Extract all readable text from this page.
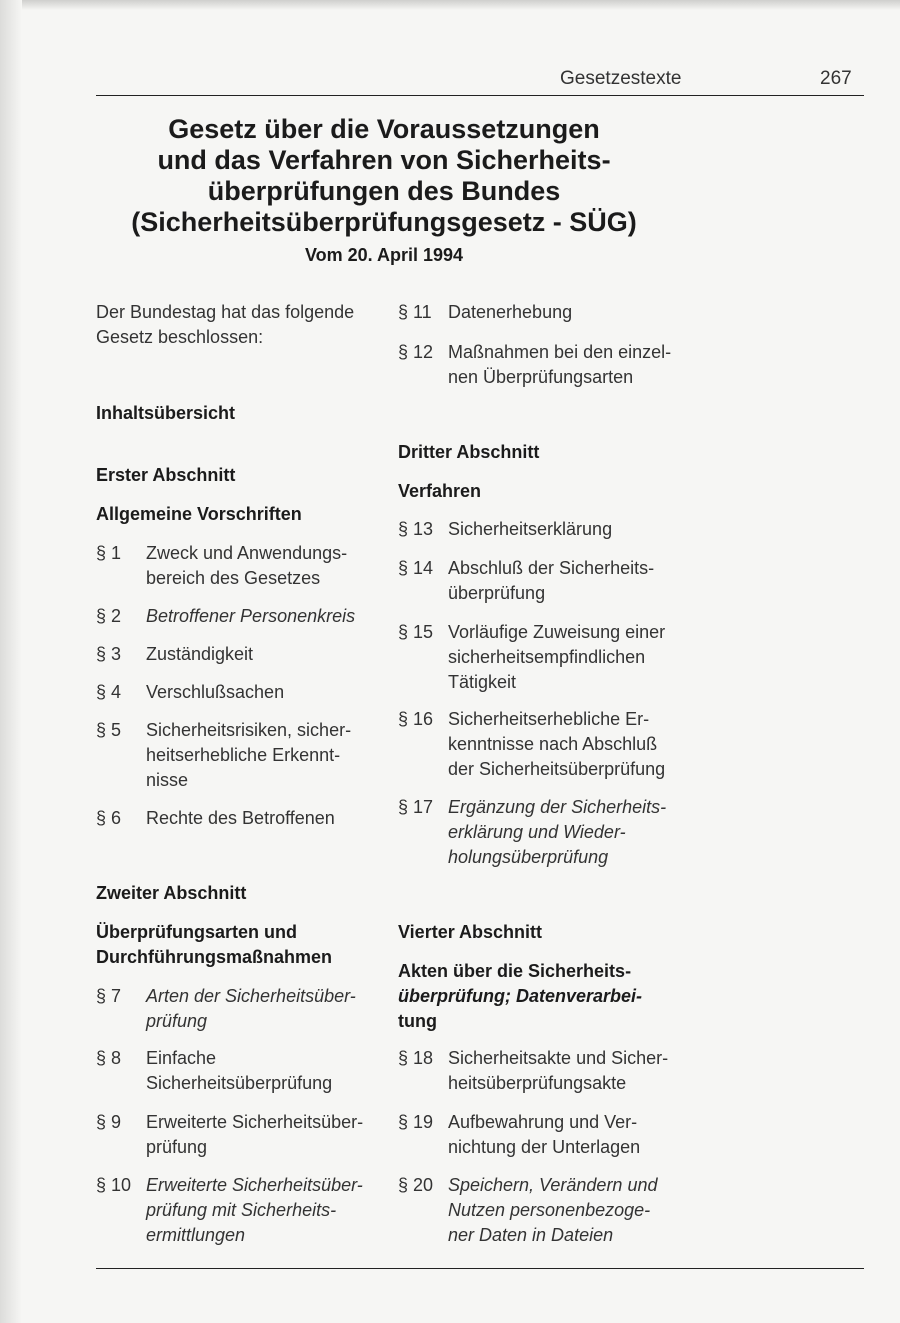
Gesetzestexte	267
Gesetz über die Voraussetzungen
und das Verfahren von Sicherheits-
überprüfungen des Bundes
(Sicherheitsüberprüfungsgesetz - SÜG)
Vom 20. April 1994
Der Bundestag hat das folgende
Gesetz beschlossen:
Inhaltsübersicht
Erster Abschnitt
Allgemeine Vorschriften
§ 1 Zweck und Anwendungs-
bereich des Gesetzes
§ 2 Betroffener Personenkreis
§ 3 Zuständigkeit
§ 4 Verschlußsachen
§ 5 Sicherheitsrisiken, sicher-
heitserhebliche Erkennt-
nisse
§ 6 Rechte des Betroffenen
Zweiter Abschnitt
Überprüfungsarten und
Durchführungsmaßnahmen
§ 7 Arten der Sicherheitsüber-
prüfung
§ 8 Einfache
Sicherheitsüberprüfung
§ 9 Erweiterte Sicherheitsüber-
prüfung
§ 10 Erweiterte Sicherheitsüber-
prüfung mit Sicherheits-
ermittlungen
§ 11 Datenerhebung
§ 12 Maßnahmen bei den einzel-
nen Überprüfungsarten
Dritter Abschnitt
Verfahren
§ 13 Sicherheitserklärung
§ 14 Abschluß der Sicherheits-
überprüfung
§ 15 Vorläufige Zuweisung einer
sicherheitsempfindlichen
Tätigkeit
§ 16 Sicherheitserhebliche Er-
kenntnisse nach Abschluß
der Sicherheitsüberprüfung
§ 17 Ergänzung der Sicherheits-
erklärung und Wieder-
holungsüberprüfung
Vierter Abschnitt
Akten über die Sicherheits-
überprüfung; Datenverarbei-
tung
§ 18 Sicherheitsakte und Sicher-
heitsüberprüfungsakte
§ 19 Aufbewahrung und Ver-
nichtung der Unterlagen
§ 20 Speichern, Verändern und
Nutzen personenbezoge-
ner Daten in Dateien
